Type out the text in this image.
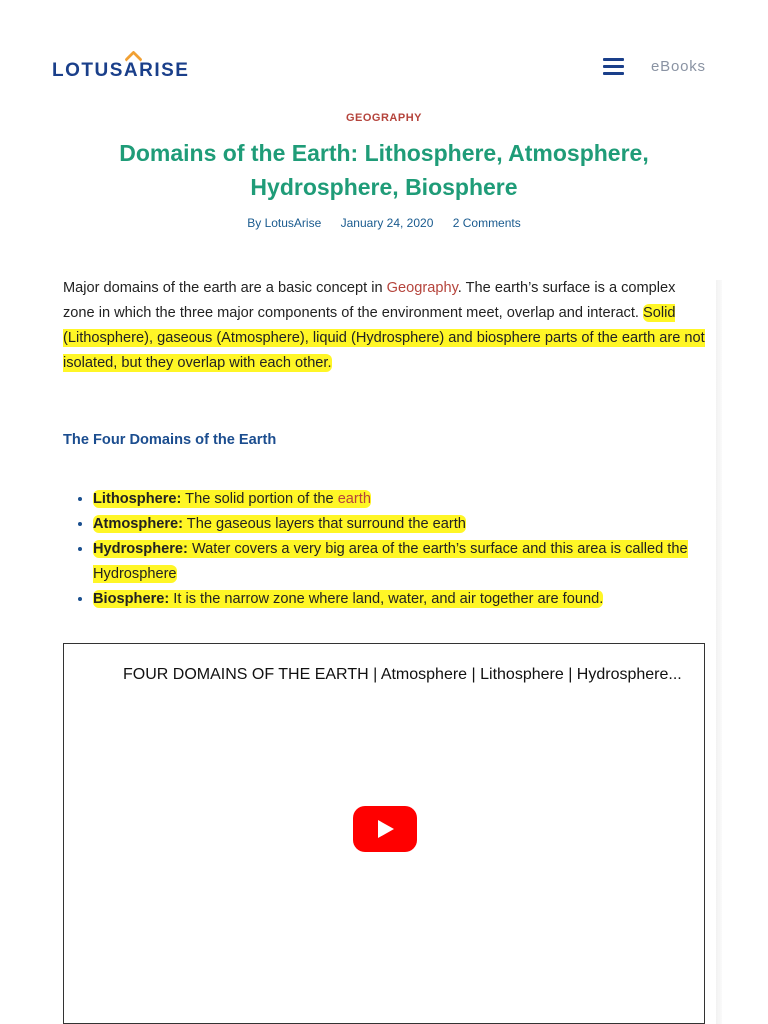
LOTUSARISE	eBooks
GEOGRAPHY
Domains of the Earth: Lithosphere, Atmosphere, Hydrosphere, Biosphere
By LotusArise January 24, 2020 2 Comments

Major domains of the earth are a basic concept in Geography. The earth’s surface is a complex zone in which the three major components of the environment meet, overlap and interact. Solid (Lithosphere), gaseous (Atmosphere), liquid (Hydrosphere) and biosphere parts of the earth are not isolated, but they overlap with each other.

The Four Domains of the Earth
• Lithosphere: The solid portion of the earth
• Atmosphere: The gaseous layers that surround the earth
• Hydrosphere: Water covers a very big area of the earth’s surface and this area is called the Hydrosphere
• Biosphere: It is the narrow zone where land, water, and air together are found.
FOUR DOMAINS OF THE EARTH | Atmosphere | Lithosphere | Hydrosphere...
